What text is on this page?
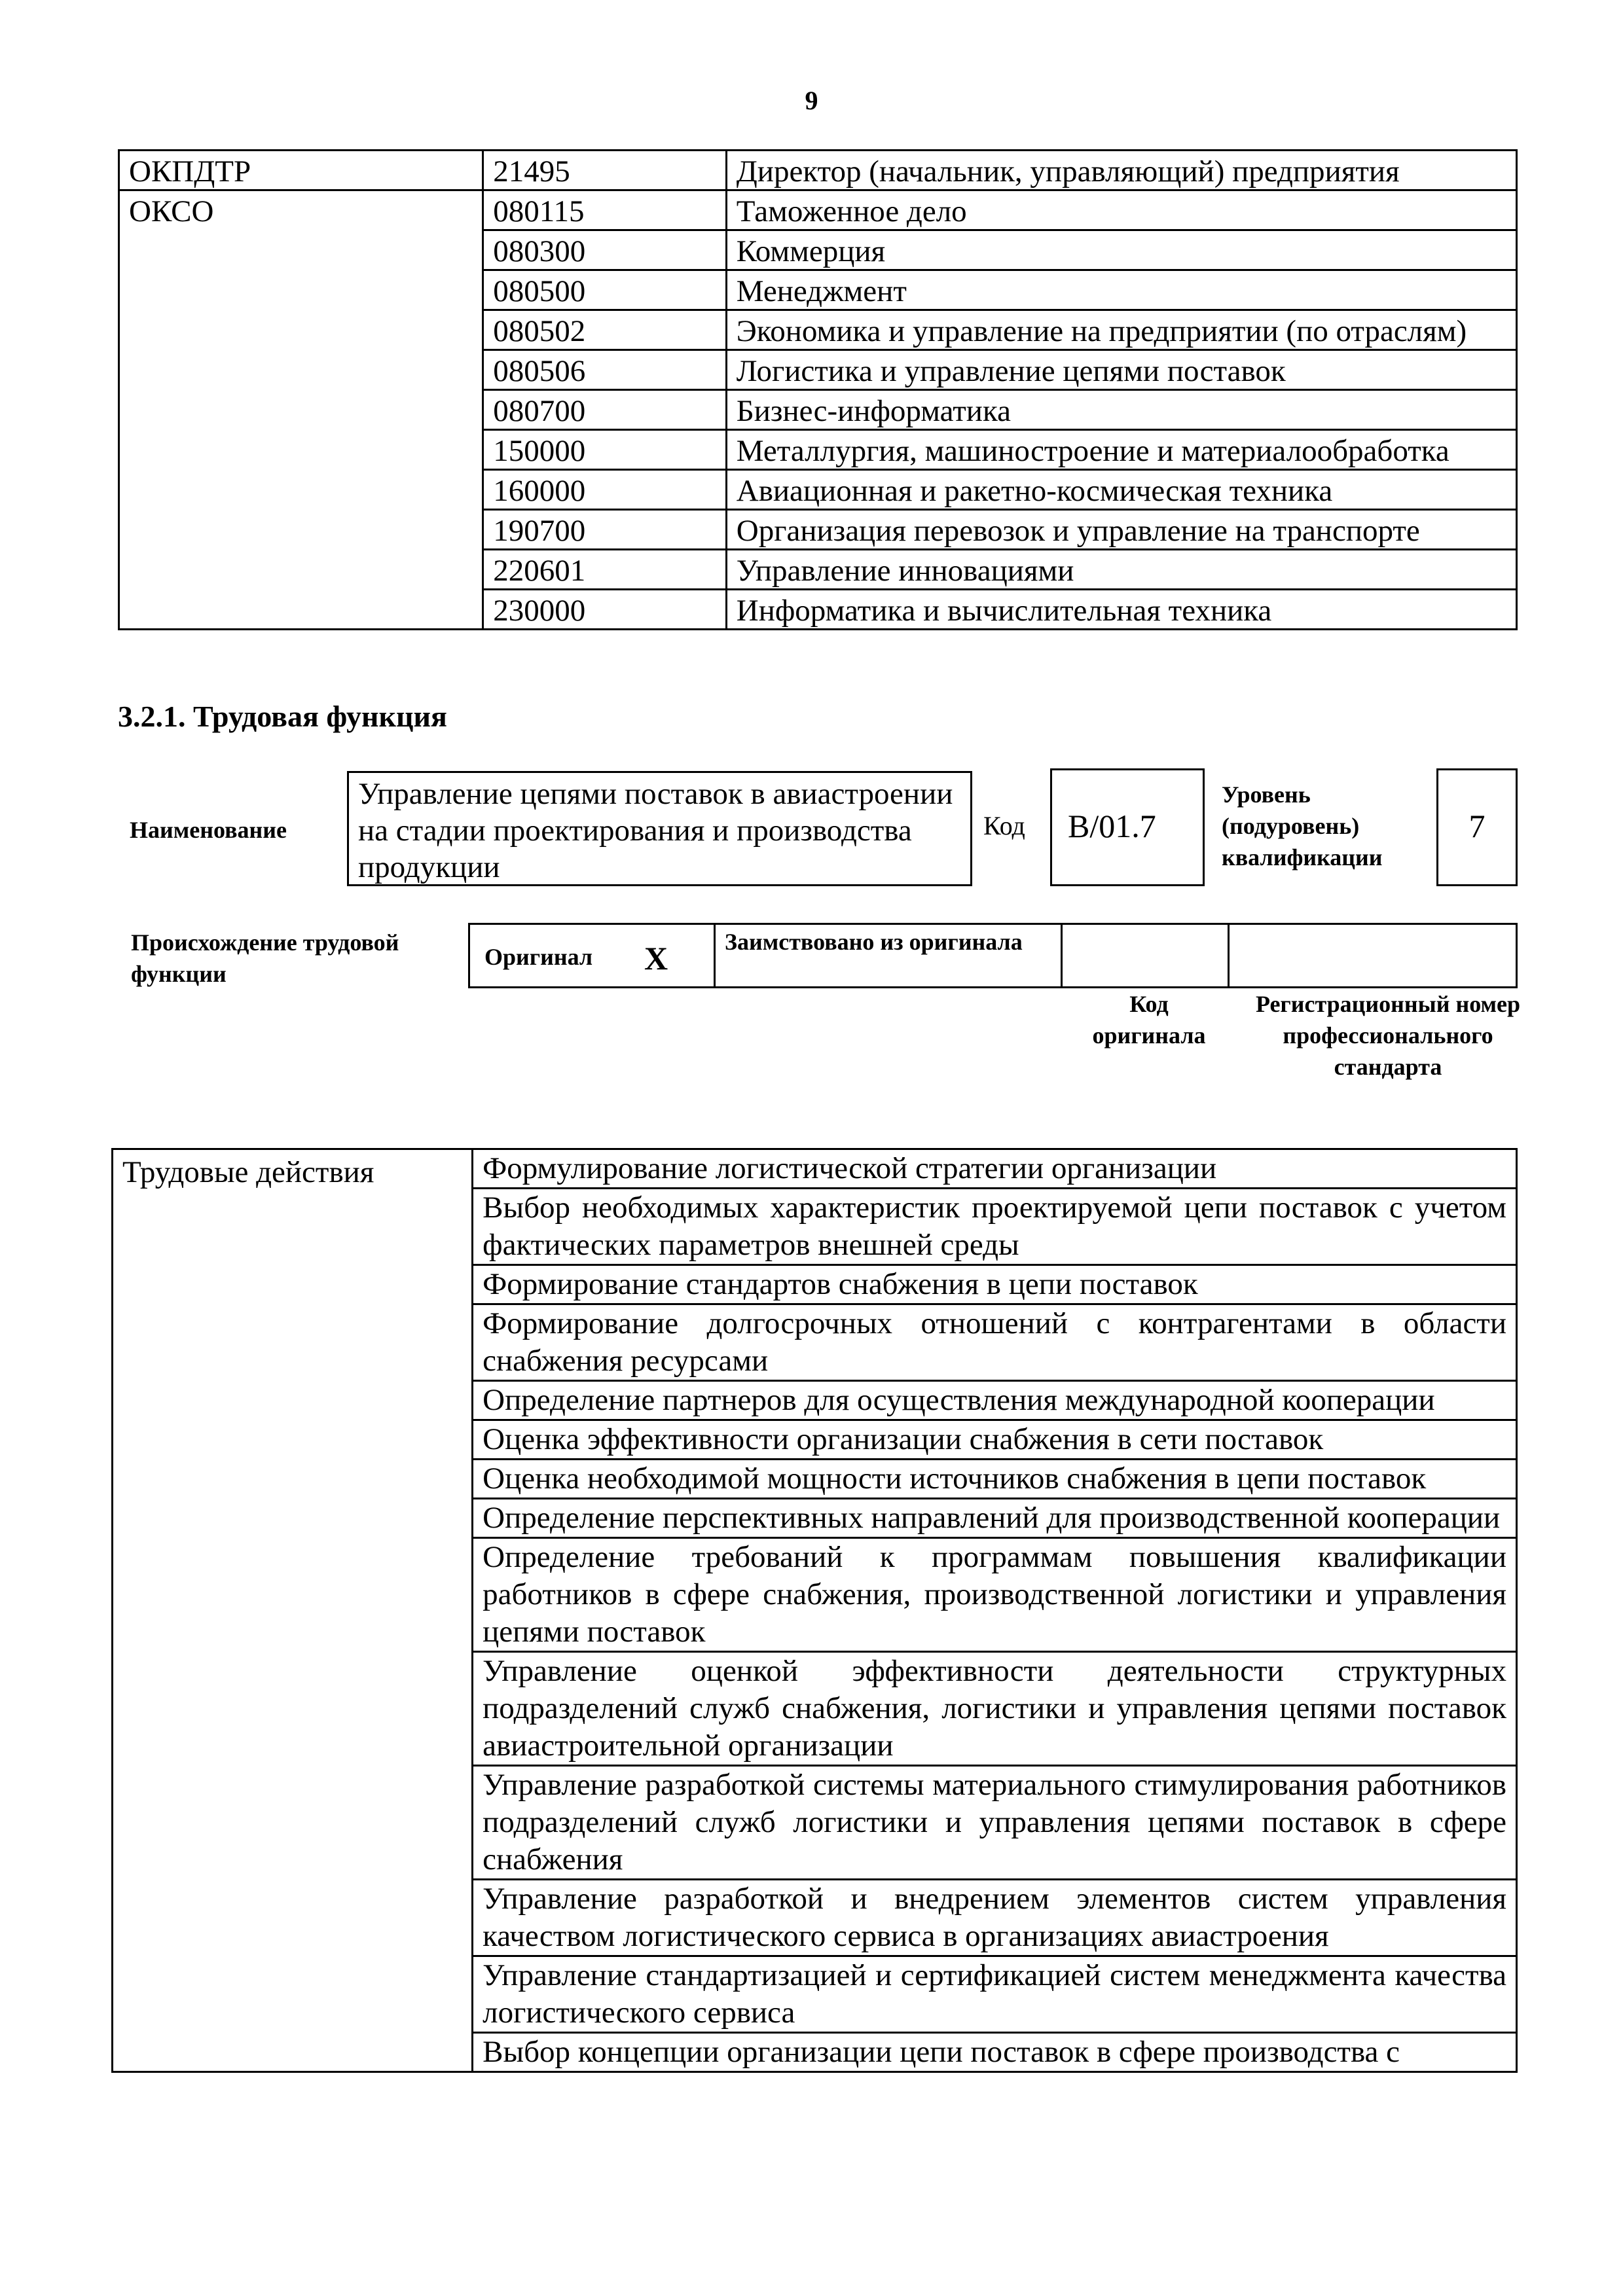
9
ОКПДТР	21495	Директор (начальник, управляющий) предприятия
ОКСО	080115	Таможенное дело
	080300	Коммерция
	080500	Менеджмент
	080502	Экономика и управление на предприятии (по отраслям)
	080506	Логистика и управление цепями поставок
	080700	Бизнес-информатика
	150000	Металлургия, машиностроение и материалообработка
	160000	Авиационная и ракетно-космическая техника
	190700	Организация перевозок и управление на транспорте
	220601	Управление инновациями
	230000	Информатика и вычислительная техника
3.2.1. Трудовая функция
Наименование
Управление цепями поставок в авиастроении на стадии проектирования и производства продукции
Код	B/01.7
Уровень (подуровень) квалификации
7
Происхождение трудовой функции
Оригинал X Заимствовано из оригинала
Код оригинала
Регистрационный номер профессионального стандарта
Трудовые действия	Формулирование логистической стратегии организации
Выбор необходимых характеристик проектируемой цепи поставок с учетом фактических параметров внешней среды
Формирование стандартов снабжения в цепи поставок
Формирование долгосрочных отношений с контрагентами в области снабжения ресурсами
Определение партнеров для осуществления международной кооперации
Оценка эффективности организации снабжения в сети поставок
Оценка необходимой мощности источников снабжения в цепи поставок
Определение перспективных направлений для производственной кооперации
Определение требований к программам повышения квалификации работников в сфере снабжения, производственной логистики и управления цепями поставок
Управление оценкой эффективности деятельности структурных подразделений служб снабжения, логистики и управления цепями поставок авиастроительной организации
Управление разработкой системы материального стимулирования работников подразделений служб логистики и управления цепями поставок в сфере снабжения
Управление разработкой и внедрением элементов систем управления качеством логистического сервиса в организациях авиастроения
Управление стандартизацией и сертификацией систем менеджмента качества логистического сервиса
Выбор концепции организации цепи поставок в сфере производства с
